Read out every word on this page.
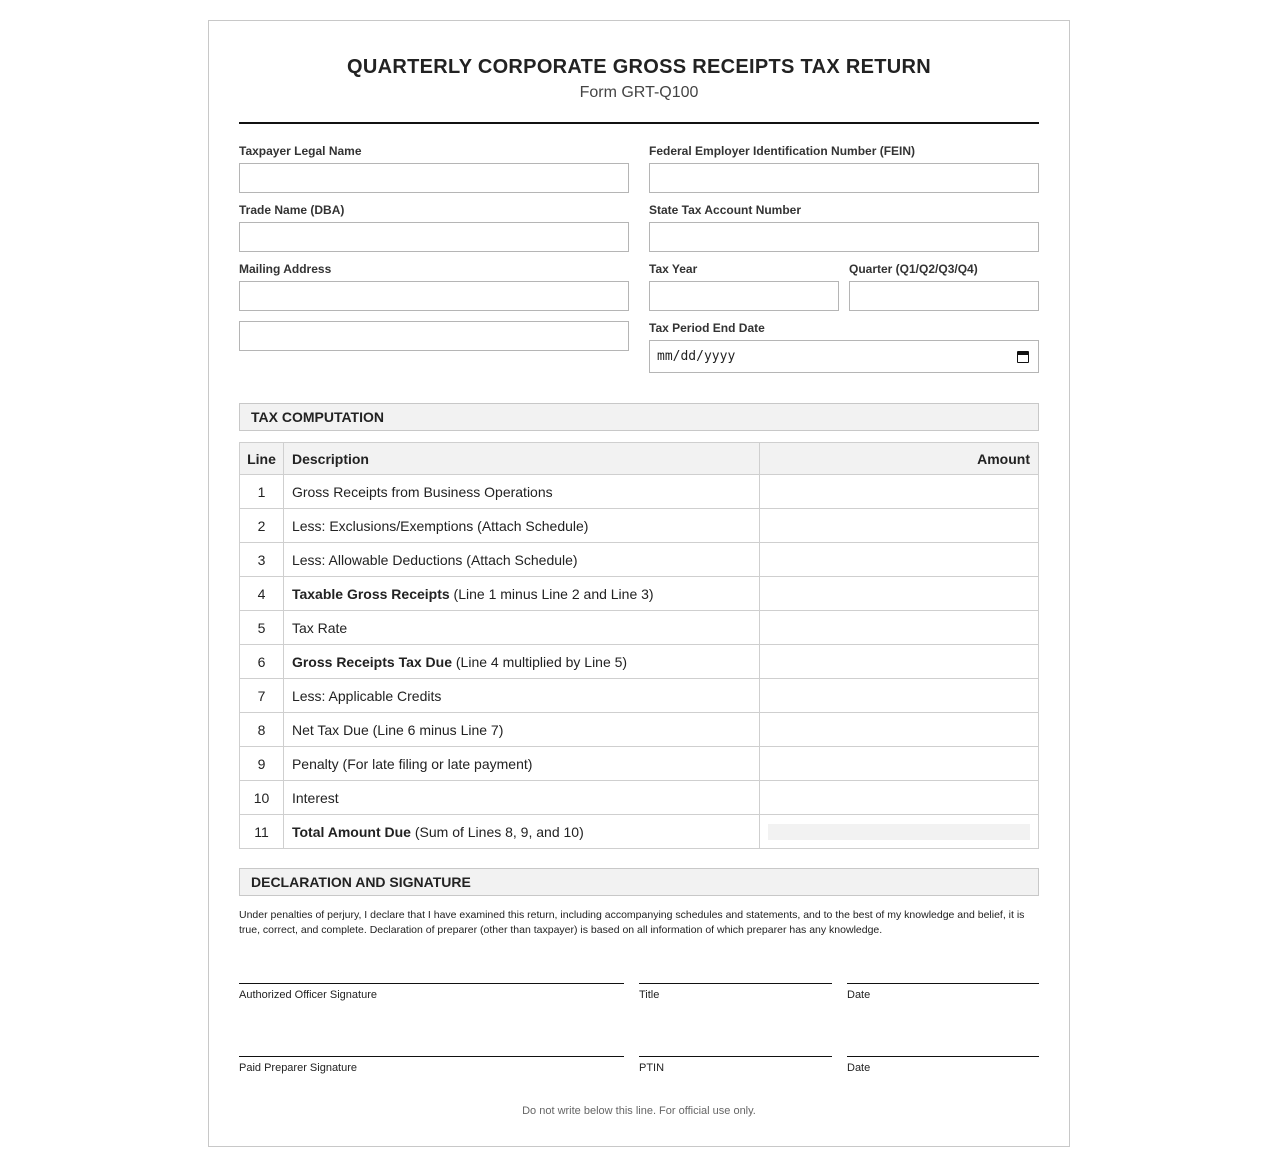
QUARTERLY CORPORATE GROSS RECEIPTS TAX RETURN
Form GRT-Q100
Taxpayer Legal Name	Federal Employer Identification Number (FEIN)
Trade Name (DBA)	State Tax Account Number
Mailing Address	Tax Year	Quarter (Q1/Q2/Q3/Q4)
Tax Period End Date
mm/dd/yyyy
TAX COMPUTATION
Line	Description	Amount
1	Gross Receipts from Business Operations	
2	Less: Exclusions/Exemptions (Attach Schedule)	
3	Less: Allowable Deductions (Attach Schedule)	
4	Taxable Gross Receipts (Line 1 minus Line 2 and Line 3)	
5	Tax Rate	
6	Gross Receipts Tax Due (Line 4 multiplied by Line 5)	
7	Less: Applicable Credits	
8	Net Tax Due (Line 6 minus Line 7)	
9	Penalty (For late filing or late payment)	
10	Interest	
11	Total Amount Due (Sum of Lines 8, 9, and 10)	
DECLARATION AND SIGNATURE
Under penalties of perjury, I declare that I have examined this return, including accompanying schedules and statements, and to the best of my knowledge and belief, it is true, correct, and complete. Declaration of preparer (other than taxpayer) is based on all information of which preparer has any knowledge.
Authorized Officer Signature	Title	Date
Paid Preparer Signature	PTIN	Date
Do not write below this line. For official use only.
